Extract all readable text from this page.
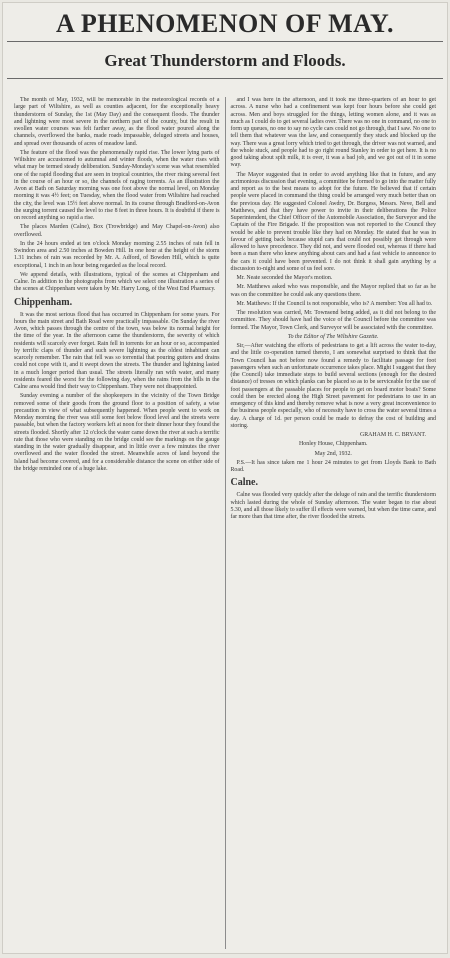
A PHENOMENON OF MAY.
Great Thunderstorm and Floods.

The month of May, 1932, will be memorable in the meteorological records of a large part of Wiltshire, as well as counties adjacent, for the exceptionally heavy thunderstorm of Sunday, the 1st (May Day) and the consequent floods. The thunder and lightning were most severe in the northern part of the county, but the result in swollen water courses was felt farther away, as the flood water poured along the channels, overflowed the banks, made roads impassable, deluged streets and houses, and spread over thousands of acres of meadow land.

The feature of the flood was the phenomenally rapid rise. The lower lying parts of Wiltshire are accustomed to autumnal and winter floods, when the water rises with what may be termed steady deliberation. Sunday-Monday's scene was what resembled one of the rapid flooding that are seen in tropical countries, the river rising several feet in the course of an hour or so, the channels of raging torrents. As an illustration the Avon at Bath on Saturday morning was one foot above the normal level, on Monday morning it was 4½ feet; on Tuesday, when the flood water from Wiltshire had reached the city, the level was 15½ feet above normal. In its course through Bradford-on-Avon the surging torrent caused the level to rise 8 feet in three hours. It is doubtful if there is on record anything so rapid a rise.

The places Marden (Calne), Box (Trowbridge) and May Chapel-on-Avon) also overflowed.

In the 24 hours ended at ten o'clock Monday morning 2.55 inches of rain fell in Swindon area and 2.50 inches at Bowden Hill. In one hour at the height of the storm 1.31 inches of rain was recorded by Mr. A. Adford, of Bowden Hill, which is quite exceptional, 1 inch in an hour being regarded as the local record.

We append details, with illustrations, typical of the scenes at Chippenham and Calne. In addition to the photographs from which we select one illustration a series of the scenes at Chippenham were taken by Mr. Harry Long, of the West End Pharmacy.

Chippenham.

It was the most serious flood that has occurred in Chippenham for some years. For hours the main street and Bath Road were practically impassable. On Sunday the river Avon, which passes through the centre of the town, was below its normal height for the time of the year. In the afternoon came the thunderstorm, the severity of which residents will scarcely ever forget. Rain fell in torrents for an hour or so, accompanied by terrific claps of thunder and such severe lightning as the oldest inhabitant can scarcely remember. The rain that fell was so torrential that pouring gutters and drains could not cope with it, and it swept down the streets. The thunder and lightning lasted in a much longer period than usual. The streets literally ran with water, and many residents feared the worst for the following day, when the rains from the hills in the Calne area would find their way to Chippenham. They were not disappointed.

Sunday evening a number of the shopkeepers in the vicinity of the Town Bridge removed some of their goods from the ground floor to a position of safety, a wise precaution in view of what subsequently happened. When people went to work on Monday morning the river was still some feet below flood level and the streets were passable, but when the factory workers left at noon for their dinner hour they found the streets flooded. Shortly after 12 o'clock the water came down the river at such a terrific rate that those who were standing on the bridge could see the markings on the gauge standing in the water gradually disappear, and in little over a few minutes the river overflowed and the water flooded the street. Meanwhile acres of land beyond the Island had become covered, and for a considerable distance the scene on either side of the bridge reminded one of a huge lake.

and I was here in the afternoon, and it took me three-quarters of an hour to get across. A nurse who had a confinement was kept four hours before she could get across. Men and boys struggled for the things, letting women alone, and it was as much as I could do to get several ladies over. There was no one in command, no one to form up queues, no one to say no cycle cars could not go through, that I saw. No one to tell them that whatever was the law, and consequently they stuck and blocked up the way. There was a great lorry which tried to get through, the driver was not warned, and the whole stuck, and people had to go right round Stanley in order to get here. It is no good taking about spilt milk, it is over, it was a bad job, and we got out of it in some way.

The Mayor suggested that in order to avoid anything like that in future, and any acrimonious discussion that evening, a committee be formed to go into the matter fully and report as to the best means to adopt for the future. He believed that if certain people were placed in command the thing could be arranged very much better than on the previous day. He suggested Colonel Awdry, Dr. Burgess, Messrs. Neve, Bell and Matthews, and that they have power to invite in their deliberations the Police Superintendent, the Chief Officer of the Automobile Association, the Surveyor and the Captain of the Fire Brigade. If the proposition was not reported to the Council they would be able to prevent trouble like they had on Monday. He stated that he was in favour of getting back because stupid cars that could not possibly get through were allowed to have precedence. They did not, and were flooded out, whereas if there had been a man there who knew anything about cars and had a fast vehicle to announce to the cars it could have been prevented. I do not think it shall gain anything by a discussion to-night and some of us feel sore.

Mr. Neate seconded the Mayor's motion.

Mr. Matthews asked who was responsible, and the Mayor replied that so far as he was on the committee he could ask any questions there.

Mr. Matthews: If the Council is not responsible, who is? A member: You all had to.

The resolution was carried, Mr. Townsend being added, as it did not belong to the committee. They should have had the voice of the Council before the committee was formed. The Mayor, Town Clerk, and Surveyor will be associated with the committee.

To the Editor of The Wiltshire Gazette.

Sir,—After watching the efforts of pedestrians to get a lift across the water to-day, and the little co-operation turned thereto, I am somewhat surprised to think that the Town Council has not before now found a remedy to facilitate passage for foot passengers when such an unfortunate occurrence takes place. Might I suggest that they (the Council) take immediate steps to build several sections (enough for the desired distance) of tresses on which planks can be placed so as to be serviceable for the use of foot passengers at the passable places for people to get on board motor boats? Some could then be erected along the High Street pavement for pedestrians to use in an emergency of this kind and thereby remove what is now a very great inconvenience to the business people especially, who of necessity have to cross the water several times a day. A charge of 1d. per person could be made to defray the cost of building and storing.

GRAHAM H. C. BRYANT.

Honley House, Chippenham.

May 2nd, 1932.

P.S.—It has since taken me 1 hour 24 minutes to get from Lloyds Bank to Bath Road.

Calne.

Calne was flooded very quickly after the deluge of rain and the terrific thunderstorm which lasted during the whole of Sunday afternoon. The water began to rise about 5.30, and all those likely to suffer ill effects were warned, but when the time came, and far more than that time after, the river flooded the streets.
